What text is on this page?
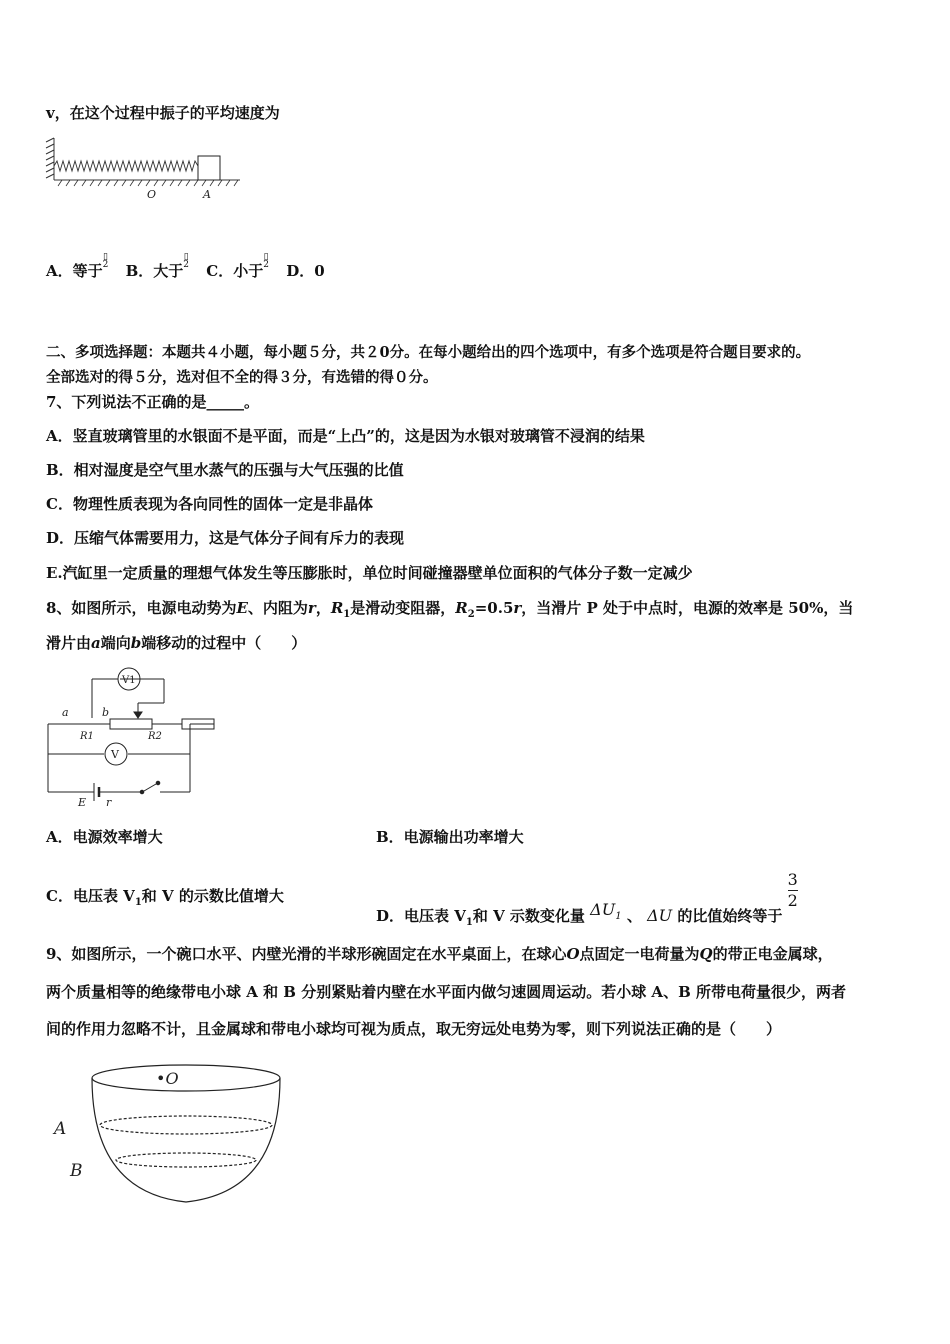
v，在这个过程中振子的平均速度为
O	A
A．等于▯
2 B．大于▯
2 C．小于▯
2 D．0
二、多项选择题：本题共４小题，每小题５分，共２0分。在每小题给出的四个选项中，有多个选项是符合题目要求的。
全部选对的得５分，选对但不全的得３分，有选错的得０分。
7、下列说法不正确的是_____。
A．竖直玻璃管里的水银面不是平面，而是“上凸”的，这是因为水银对玻璃管不浸润的结果
B．相对湿度是空气里水蒸气的压强与大气压强的比值
C．物理性质表现为各向同性的固体一定是非晶体
D．压缩气体需要用力，这是气体分子间有斥力的表现
E.汽缸里一定质量的理想气体发生等压膨胀时，单位时间碰撞器壁单位面积的气体分子数一定减少
8、如图所示，电源电动势为E、内阻为r，$R_1$是滑动变阻器，$R_2=0.5r$，当滑片 P 处于中点时，电源的效率是 50%，当
滑片由a端向b端移动的过程中（　　）
V1
V
a	b
R1	R2
E r
A．电源效率增大	B．电源输出功率增大
C．电压表 $V_1$和 V 的示数比值增大
D．电压表 $V_1$和 V 示数变化量 $\Delta U_1$ 、 ΔU 的比值始终等于 $\frac{3}{2}$
9、如图所示，一个碗口水平、内壁光滑的半球形碗固定在水平桌面上，在球心O点固定一电荷量为Q的带正电金属球，
两个质量相等的绝缘带电小球 A 和 B 分别紧贴着内壁在水平面内做匀速圆周运动。若小球 A、B 所带电荷量很少，两者
间的作用力忽略不计，且金属球和带电小球均可视为质点，取无穷远处电势为零，则下列说法正确的是（　　）
•O
A
B
